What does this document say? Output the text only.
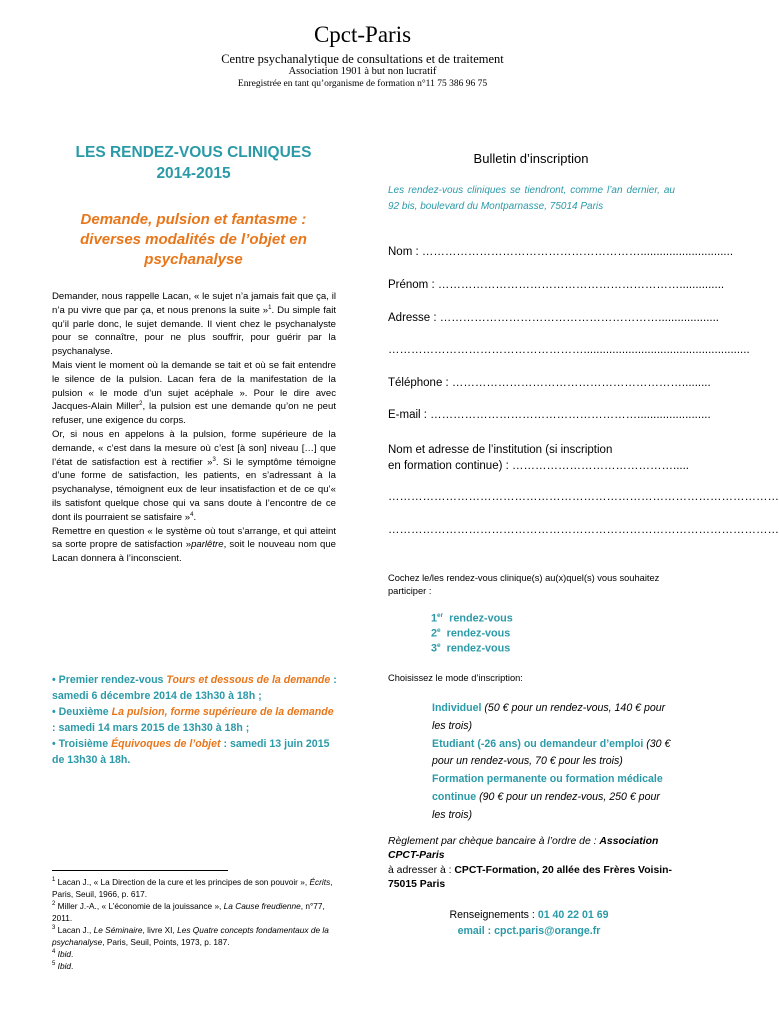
Cpct-Paris
Centre psychanalytique de consultations et de traitement
Association 1901 à but non lucratif
Enregistrée en tant qu’organisme de formation n°11 75 386 96 75
LES RENDEZ-VOUS CLINIQUES
2014-2015
Demande, pulsion et fantasme :
diverses modalités de l’objet en
psychanalyse

Demander, nous rappelle Lacan, « le sujet n’a jamais fait que ça, il n’a pu vivre que par ça, et nous prenons la suite »$^1$. Du simple fait qu’il parle donc, le sujet demande. Il vient chez le psychanalyste pour se connaître, pour ne plus souffrir, pour guérir par la psychanalyse.

Mais vient le moment où la demande se tait et où se fait entendre le silence de la pulsion. Lacan fera de la manifestation de la pulsion « le mode d’un sujet acéphale ». Pour le dire avec Jacques-Alain Miller$^2$, la pulsion est une demande qu’on ne peut refuser, une exigence du corps.

Or, si nous en appelons à la pulsion, forme supérieure de la demande, « c’est dans la mesure où c’est [à son] niveau […] que l’état de satisfaction est à rectifier »$^3$. Si le symptôme témoigne d’une forme de satisfaction, les patients, en s’adressant à la psychanalyse, témoignent eux de leur insatisfaction et de ce qu’« ils satisfont quelque chose qui va sans doute à l’encontre de ce dont ils pourraient se satisfaire »$^4$.

Remettre en question « le système où tout s’arrange, et qui atteint sa sorte propre de satisfaction »parlêtre, soit le nouveau nom que Lacan donnera à l’inconscient.

• Premier rendez-vous Tours et dessous de la demande : samedi 6 décembre 2014 de 13h30 à 18h ;

• Deuxième La pulsion, forme supérieure de la demande : samedi 14 mars 2015 de 13h30 à 18h ;

• Troisième Équivoques de l’objet : samedi 13 juin 2015 de 13h30 à 18h.

$^1$ Lacan J., « La Direction de la cure et les principes de son pouvoir », Écrits, Paris, Seuil, 1966, p. 617.

$^2$ Miller J.-A., « L’économie de la jouissance », La Cause freudienne, n°77, 2011.

$^3$ Lacan J., Le Séminaire, livre XI, Les Quatre concepts fondamentaux de la psychanalyse, Paris, Seuil, Points, 1973, p. 187.

$^4$ Ibid.

$^5$ Ibid.

Bulletin d’inscription
Les rendez-vous cliniques se tiendront, comme l’an dernier, au 92 bis, boulevard du Montparnasse, 75014 Paris
Nom : ………………………………………………….............................
Prénom : ………………………………………………………..............
Adresse : …………………………………………………...................
……………………………………………....................................................
Téléphone : …………………………………………………….........
E-mail : ……………………………………………….......................
Nom et adresse de l’institution (si inscription
en formation continue) : …………………………………….....
…………………………………………………………………………………………
…………………………………………………………………………………………
Cochez le/les rendez-vous clinique(s) au(x)quel(s) vous souhaitez participer :
1er  rendez-vous
2e  rendez-vous
3e  rendez-vous
Choisissez le mode d’inscription:

Individuel (50 € pour un rendez-vous, 140 € pour les trois)

Etudiant (-26 ans) ou demandeur d’emploi (30 € pour un rendez-vous, 70 € pour les trois)

Formation permanente ou formation médicale continue (90 € pour un rendez-vous, 250 € pour les trois)

Règlement par chèque bancaire à l’ordre de : Association CPCT-Paris

à adresser à : CPCT-Formation, 20 allée des Frères Voisin- 75015 Paris

Renseignements : 01 40 22 01 69

email : cpct.paris@orange.fr
